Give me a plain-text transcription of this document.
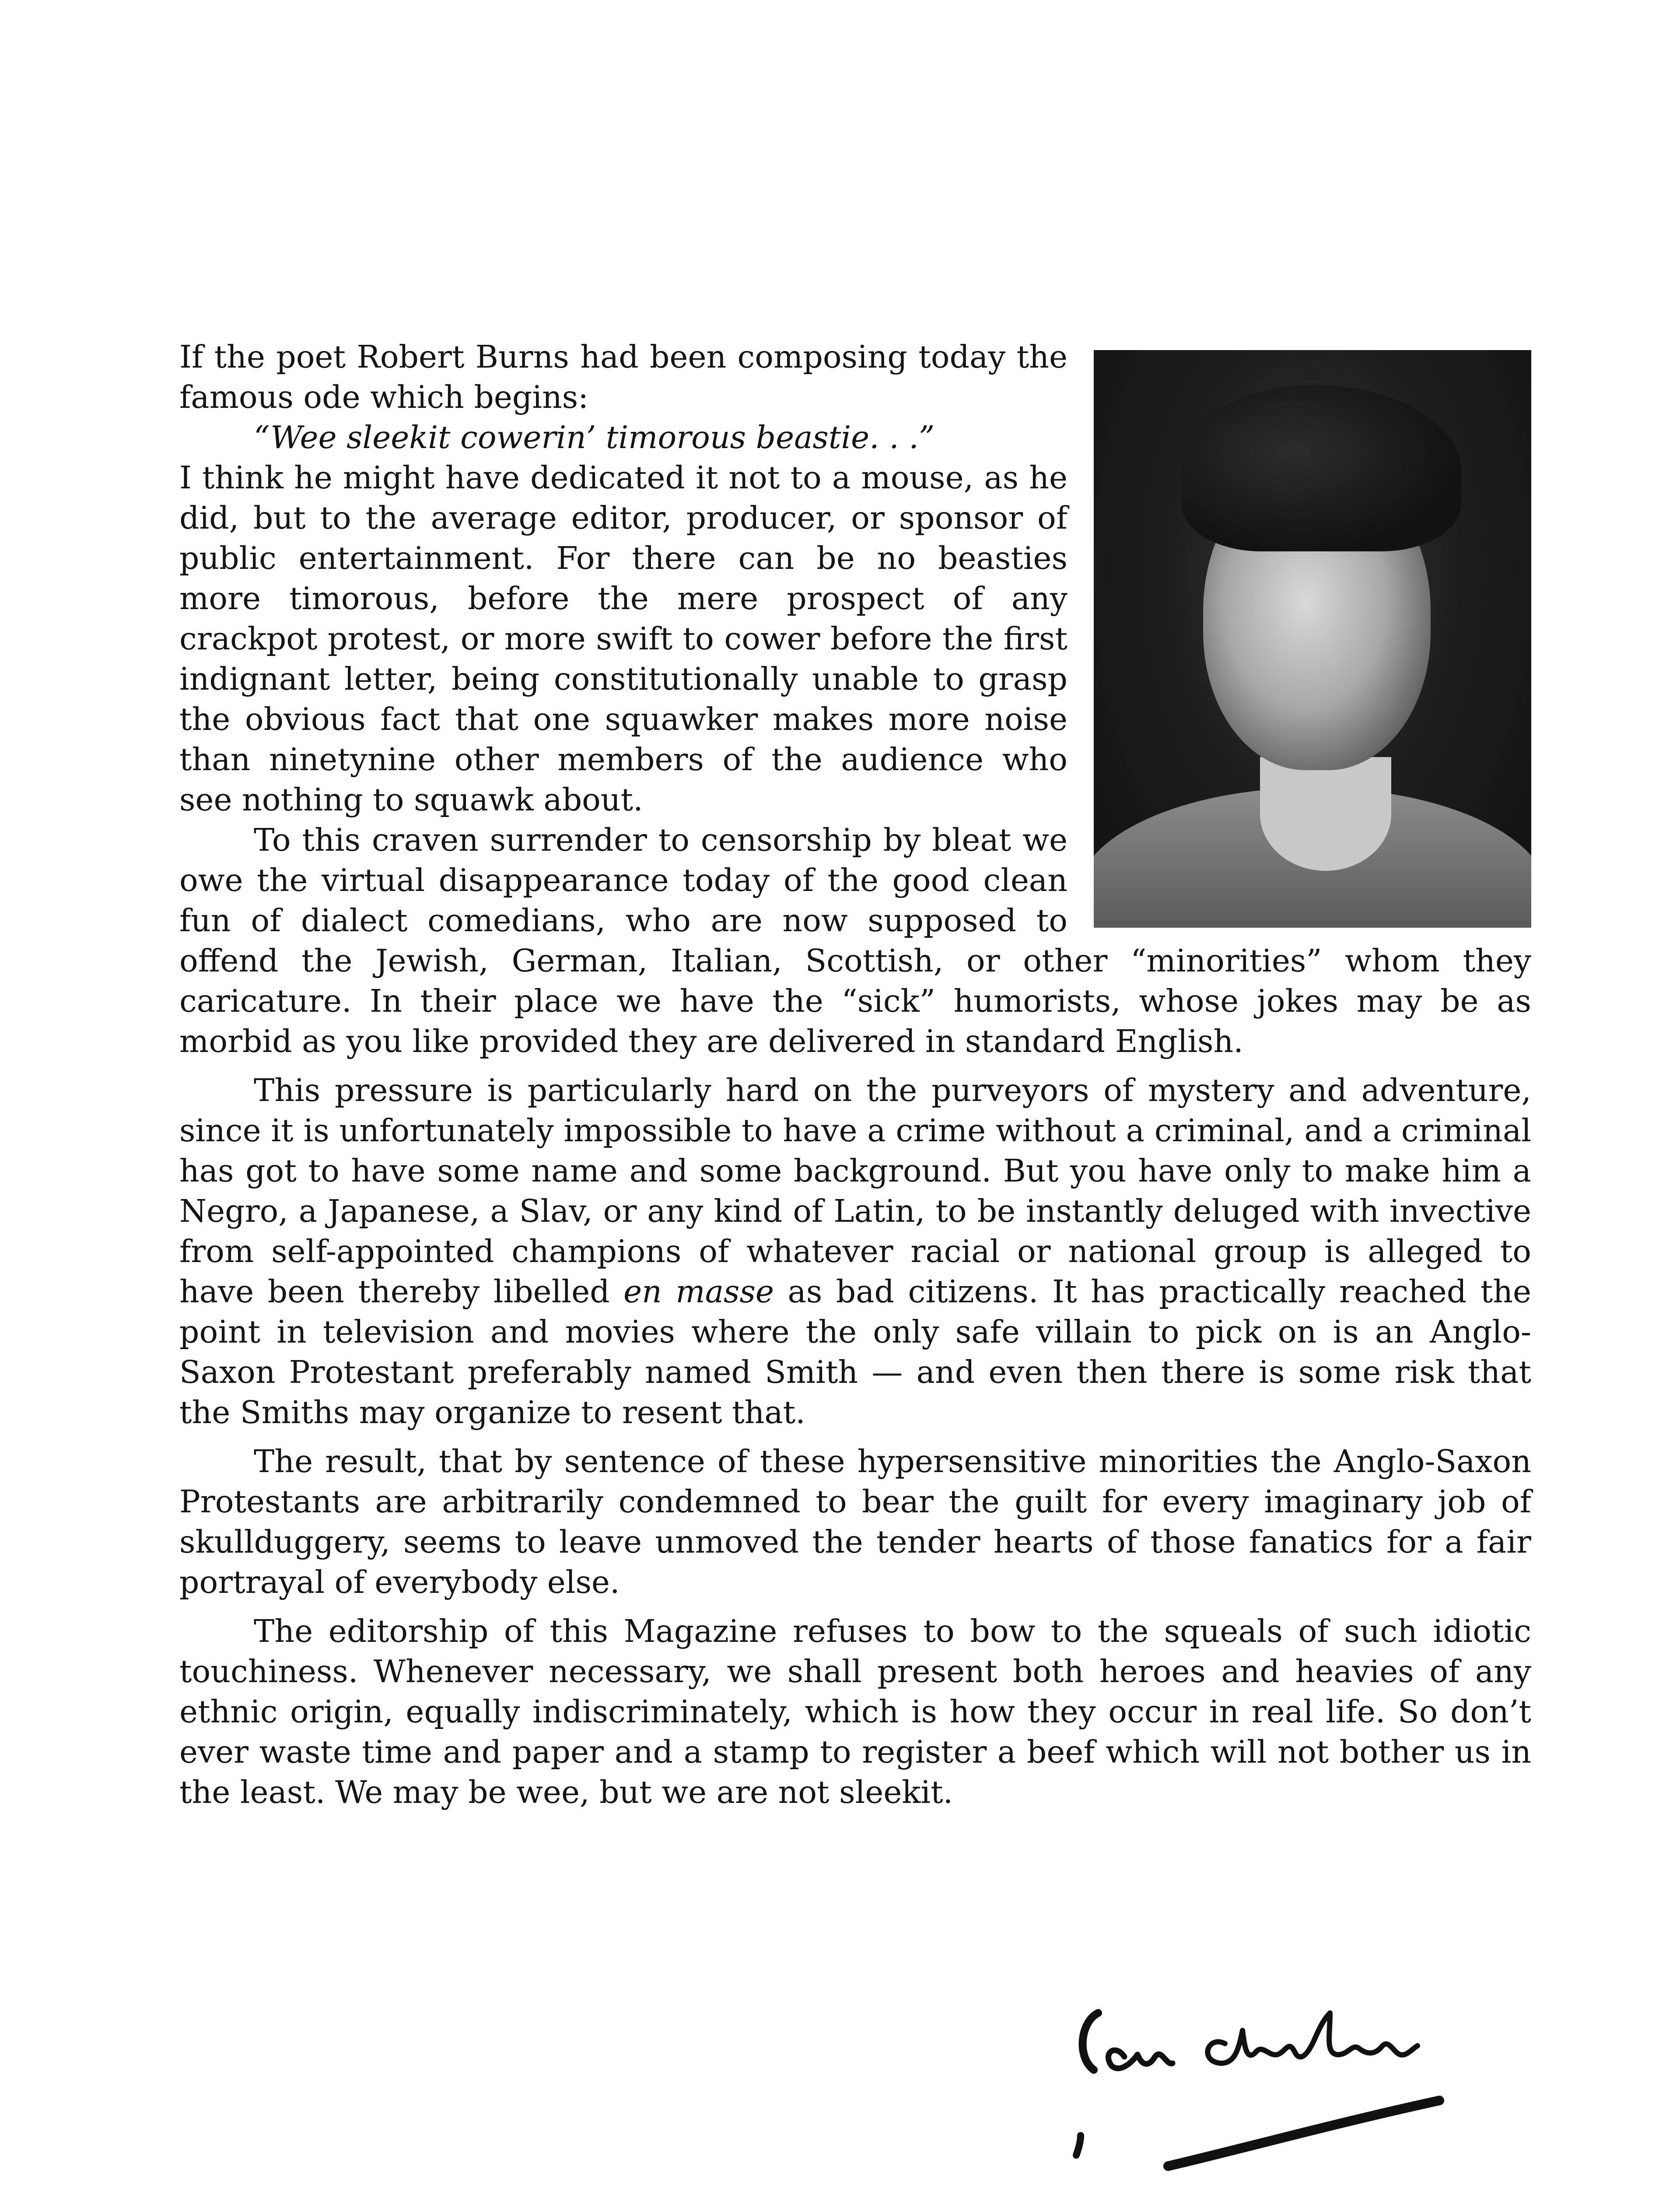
If the poet Robert Burns had been composing today the famous ode which begins:
“Wee sleekit cowerin’ timorous beastie. . .”
I think he might have dedicated it not to a mouse, as he did, but to the average editor, producer, or sponsor of public entertainment. For there can be no beasties more timorous, before the mere prospect of any crackpot protest, or more swift to cower before the first indignant letter, being constitutionally unable to grasp the obvious fact that one squawker makes more noise than ninetynine other members of the audience who see nothing to squawk about.

To this craven surrender to censorship by bleat we owe the virtual disappearance today of the good clean fun of dialect comedians, who are now supposed to offend the Jewish, German, Italian, Scottish, or other “minorities” whom they caricature. In their place we have the “sick” humorists, whose jokes may be as morbid as you like provided they are delivered in standard English.

This pressure is particularly hard on the purveyors of mystery and adventure, since it is unfortunately impossible to have a crime without a criminal, and a criminal has got to have some name and some background. But you have only to make him a Negro, a Japanese, a Slav, or any kind of Latin, to be instantly deluged with invective from self-appointed champions of whatever racial or national group is alleged to have been thereby libelled en masse as bad citizens. It has practically reached the point in television and movies where the only safe villain to pick on is an Anglo-Saxon Protestant preferably named Smith — and even then there is some risk that the Smiths may organize to resent that.

The result, that by sentence of these hypersensitive minorities the Anglo-Saxon Protestants are arbitrarily condemned to bear the guilt for every imaginary job of skullduggery, seems to leave unmoved the tender hearts of those fanatics for a fair portrayal of everybody else.

The editorship of this Magazine refuses to bow to the squeals of such idiotic touchiness. Whenever necessary, we shall present both heroes and heavies of any ethnic origin, equally indiscriminately, which is how they occur in real life. So don’t ever waste time and paper and a stamp to register a beef which will not bother us in the least. We may be wee, but we are not sleekit.
